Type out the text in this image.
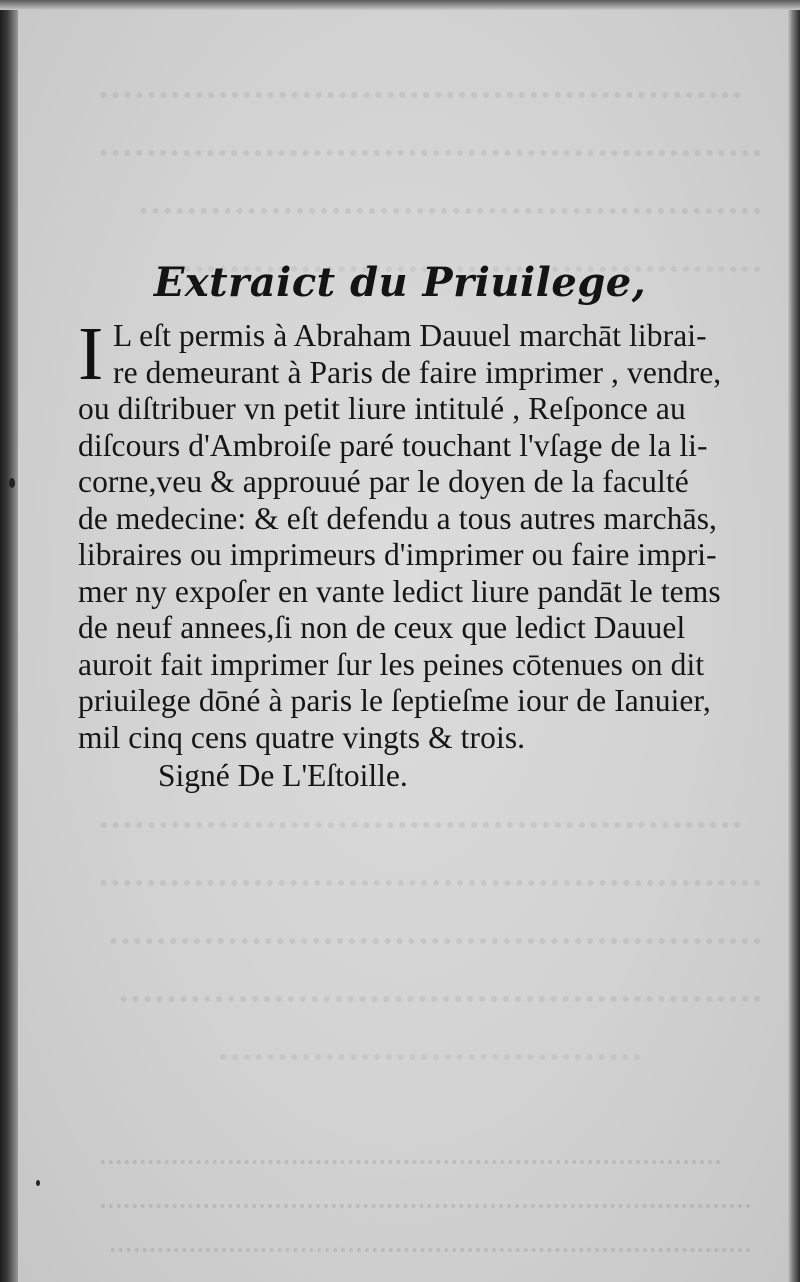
Extraict du Priuilege,
I L eſt permis à Abraham Dauuel marchāt librai-
re demeurant à Paris de faire imprimer , vendre,
ou diſtribuer vn petit liure intitulé , Reſponce au
diſcours d'Ambroiſe paré touchant l'vſage de la li-
corne,veu & approuué par le doyen de la faculté
de medecine: & eſt defendu a tous autres marchās,
libraires ou imprimeurs d'imprimer ou faire impri-
mer ny expoſer en vante ledict liure pandāt le tems
de neuf annees,ſi non de ceux que ledict Dauuel
auroit fait imprimer ſur les peines cōtenues on dit
priuilege dōné à paris le ſeptieſme iour de Ianuier,
mil cinq cens quatre vingts & trois.
Signé De L'Eſtoille.
